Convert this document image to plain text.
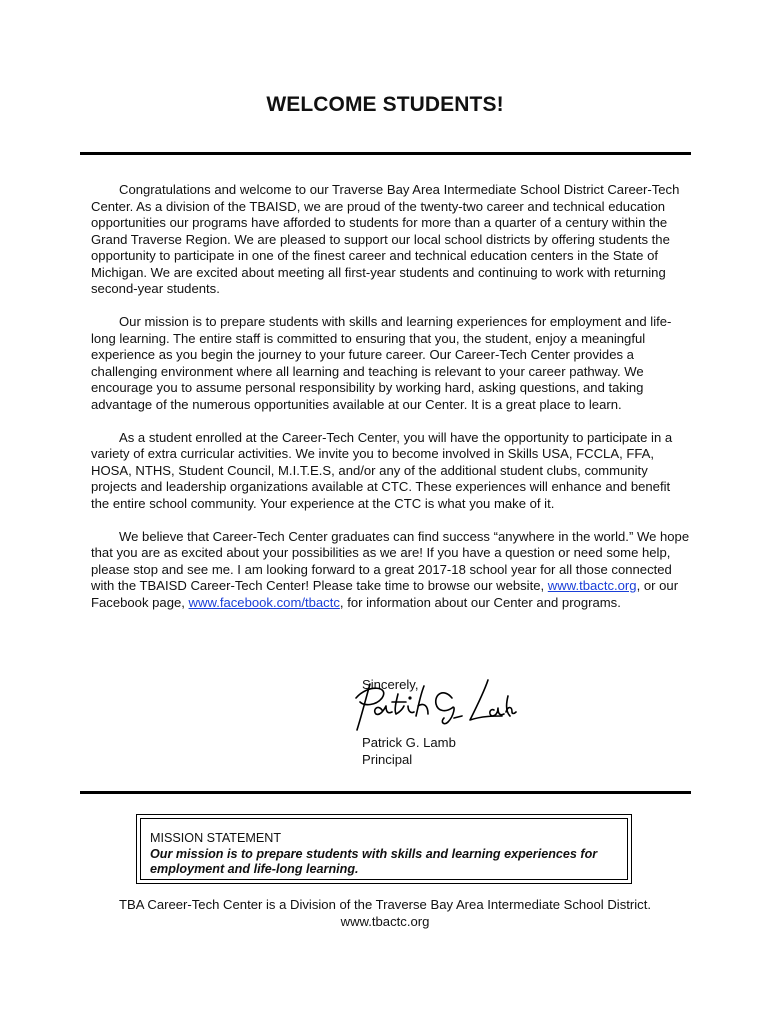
WELCOME STUDENTS!

Congratulations and welcome to our Traverse Bay Area Intermediate School District Career-Tech Center. As a division of the TBAISD, we are proud of the twenty-two career and technical education opportunities our programs have afforded to students for more than a quarter of a century within the Grand Traverse Region. We are pleased to support our local school districts by offering students the opportunity to participate in one of the finest career and technical education centers in the State of Michigan. We are excited about meeting all first-year students and continuing to work with returning second-year students.

Our mission is to prepare students with skills and learning experiences for employment and life-long learning. The entire staff is committed to ensuring that you, the student, enjoy a meaningful experience as you begin the journey to your future career. Our Career-Tech Center provides a challenging environment where all learning and teaching is relevant to your career pathway. We encourage you to assume personal responsibility by working hard, asking questions, and taking advantage of the numerous opportunities available at our Center. It is a great place to learn.

As a student enrolled at the Career-Tech Center, you will have the opportunity to participate in a variety of extra curricular activities. We invite you to become involved in Skills USA, FCCLA, FFA, HOSA, NTHS, Student Council, M.I.T.E.S, and/or any of the additional student clubs, community projects and leadership organizations available at CTC. These experiences will enhance and benefit the entire school community. Your experience at the CTC is what you make of it.

We believe that Career-Tech Center graduates can find success “anywhere in the world.” We hope that you are as excited about your possibilities as we are! If you have a question or need some help, please stop and see me. I am looking forward to a great 2017-18 school year for all those connected with the TBAISD Career-Tech Center! Please take time to browse our website, www.tbactc.org, or our Facebook page, www.facebook.com/tbactc, for information about our Center and programs.

Sincerely,
Patrick G. Lamb
Principal
MISSION STATEMENT
Our mission is to prepare students with skills and learning experiences for employment and life-long learning.
TBA Career-Tech Center is a Division of the Traverse Bay Area Intermediate School District.
www.tbactc.org
